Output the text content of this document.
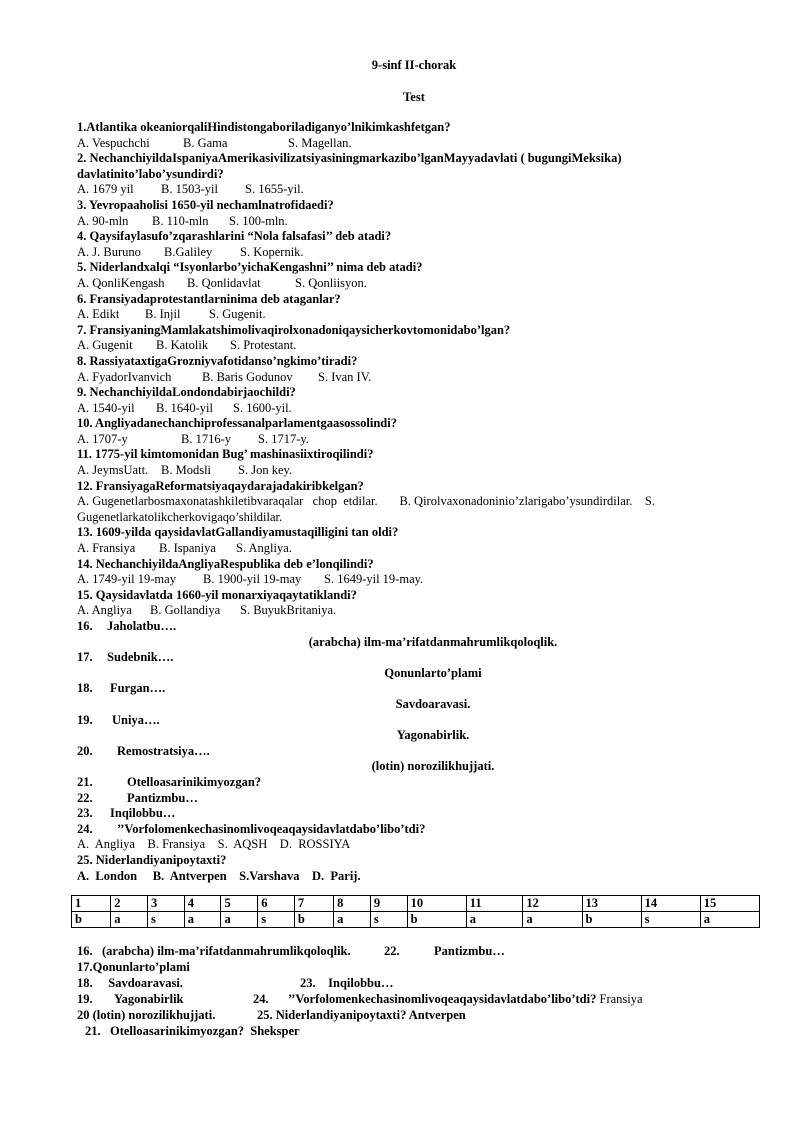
9-sinf II-chorak
Test
1.Atlantika okeaniorqaliHindistongaboriladiganyo’lnikimkashfetgan?
A. Vespuchchi	B. Gama	S. Magellan.
2. NechanchiyildaIspaniyaAmerikasivilizatsiyasiningmarkazibo’lganMayyadavlati ( bugungiMeksika)
davlatinito’labo’ysundirdi?
A. 1679 yil B. 1503-yil S. 1655-yil.
3. Yevropaaholisi 1650-yil nechamlnatrofidaedi?
A. 90-mln B. 110-mln S. 100-mln.
4. Qaysifaylasufo’zqarashlarini “Nola falsafasi’’ deb atadi?
A. J. Buruno B.Galiley S. Kopernik.
5. Niderlandxalqi “Isyonlarbo’yichaKengashni’’ nima deb atadi?
A. QonliKengash B. Qonlidavlat	S. Qonliisyon.
6. Fransiyadaprotestantlarninima deb ataganlar?
A. Edikt B. Injil S. Gugenit.
7. FransiyaningMamlakatshimolivaqirolxonadoniqaysicherkovtomonidabo’lgan?
A. Gugenit B. Katolik S. Protestant.
8. RassiyataxtigaGrozniyvafotidanso’ngkimo’tiradi?
A. FyadorIvanvich B. Baris Godunov S. Ivan IV.
9. NechanchiyildaLondondabirjaochildi?
A. 1540-yil B. 1640-yil S. 1600-yil.
10. Angliyadanechanchiprofessanalparlamentgaasossolindi?
A. 1707-y	B. 1716-y S. 1717-y.
11. 1775-yil kimtomonidan Bug’ mashinasiixtiroqilindi?
A. JeymsUatt. B. Modsli S. Jon key.
12. FransiyagaReformatsiyaqaydarajadakiribkelgan?
A. Gugenetlarbosmaxonatashkiletibvaraqalar   chop  etdilar.       B. Qirolvaxonadoninio’zlarigabo’ysundirdilar.    S.
Gugenetlarkatolikcherkovigaqo’shildilar.
13. 1609-yilda qaysidavlatGallandiyamustaqilligini tan oldi?
A. Fransiya B. Ispaniya S. Angliya.
14. NechanchiyildaAngliyaRespublika deb e’lonqilindi?
A. 1749-yil 19-may B. 1900-yil 19-may S. 1649-yil 19-may.
15. Qaysidavlatda 1660-yil monarxiyaqaytatiklandi?
A. Angliya B. Gollandiya S. BuyukBritaniya.
16. Jaholatbu….
(arabcha) ilm-ma’rifatdanmahrumlikqoloqlik.
17. Sudebnik….
Qonunlarto’plami
18. Furgan….
Savdoaravasi.
19. Uniya….
Yagonabirlik.
20. Remostratsiya….
(lotin) norozilikhujjati.
21.	Otelloasarinikimyozgan?
22.	Pantizmbu…
23. Inqilobbu…
24. ’’Vorfolomenkechasinomlivoqeaqaysidavlatdabo’libo’tdi?
A.  Angliya    B. Fransiya    S.  AQSH    D.  ROSSIYA
25. Niderlandiyanipoytaxti?
A.  London     B.  Antverpen    S.Varshava    D.  Parij.
1	2	3	4	5	6	7	8	9	10	11	12	13	14	15
b	a	s	a	a	s	b	a	s	b	a	a	b	s	a
16.   (arabcha) ilm-ma’rifatdanmahrumlikqoloqlik.	22.	Pantizmbu…
17.Qonunlarto’plami
18.     Savdoaravasi.	23.    Inqilobbu…
19.       Yagonabirlik	24. ’’Vorfolomenkechasinomlivoqeaqaysidavlatdabo’libo’tdi? Fransiya
20 (lotin) norozilikhujjati.	25. Niderlandiyanipoytaxti? Antverpen
21.   Otelloasarinikimyozgan?  Shekspeг
